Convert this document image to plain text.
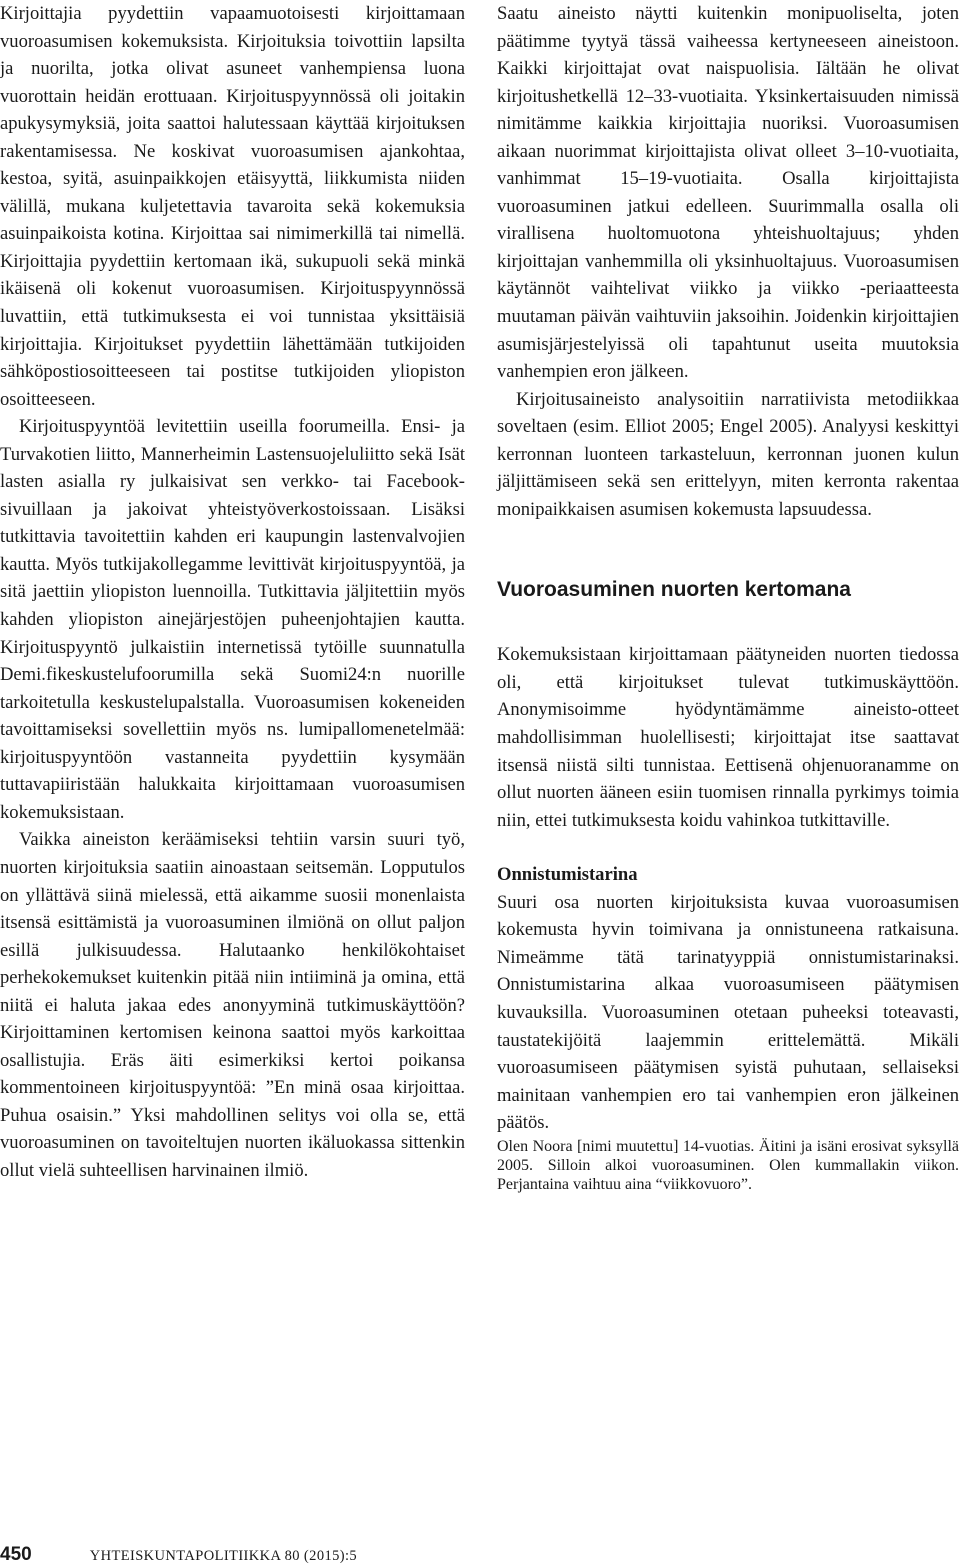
Kirjoittajia pyydettiin vapaamuotoisesti kirjoittamaan vuoroasumisen kokemuksista. Kirjoituksia toivottiin lapsilta ja nuorilta, jotka olivat asuneet vanhempiensa luona vuorottain heidän erottuaan. Kirjoituspyynnössä oli joitakin apukysymyksiä, joita saattoi halutessaan käyttää kirjoituksen rakentamisessa. Ne koskivat vuoroasumisen ajankohtaa, kestoa, syitä, asuinpaikkojen etäisyyttä, liikkumista niiden välillä, mukana kuljetettavia tavaroita sekä kokemuksia asuinpaikoista kotina. Kirjoittaa sai nimimerkillä tai nimellä. Kirjoittajia pyydettiin kertomaan ikä, sukupuoli sekä minkä ikäisenä oli kokenut vuoroasumisen. Kirjoituspyynnössä luvattiin, että tutkimuksesta ei voi tunnistaa yksittäisiä kirjoittajia. Kirjoitukset pyydettiin lähettämään tutkijoiden sähköpostiosoitteeseen tai postitse tutkijoiden yliopiston osoitteeseen.

Kirjoituspyyntöä levitettiin useilla foorumeilla. Ensi- ja Turvakotien liitto, Mannerheimin Lastensuojeluliitto sekä Isät lasten asialla ry julkaisivat sen verkko- tai Facebook-sivuillaan ja jakoivat yhteistyöverkostoissaan. Lisäksi tutkittavia tavoitettiin kahden eri kaupungin lastenvalvojien kautta. Myös tutkijakollegamme levittivät kirjoituspyyntöä, ja sitä jaettiin yliopiston luennoilla. Tutkittavia jäljitettiin myös kahden yliopiston ainejärjestöjen puheenjohtajien kautta. Kirjoituspyyntö julkaistiin internetissä tytöille suunnatulla Demi.fikeskustelufoorumilla sekä Suomi24:n nuorille tarkoitetulla keskustelupalstalla. Vuoroasumisen kokeneiden tavoittamiseksi sovellettiin myös ns. lumipallomenetelmää: kirjoituspyyntöön vastanneita pyydettiin kysymään tuttavapiiristään halukkaita kirjoittamaan vuoroasumisen kokemuksistaan.

Vaikka aineiston keräämiseksi tehtiin varsin suuri työ, nuorten kirjoituksia saatiin ainoastaan seitsemän. Lopputulos on yllättävä siinä mielessä, että aikamme suosii monenlaista itsensä esittämistä ja vuoroasuminen ilmiönä on ollut paljon esillä julkisuudessa. Halutaanko henkilökohtaiset perhekokemukset kuitenkin pitää niin intiiminä ja omina, että niitä ei haluta jakaa edes anonyyminä tutkimuskäyttöön? Kirjoittaminen kertomisen keinona saattoi myös karkoittaa osallistujia. Eräs äiti esimerkiksi kertoi poikansa kommentoineen kirjoituspyyntöä: ”En minä osaa kirjoittaa. Puhua osaisin.” Yksi mahdollinen selitys voi olla se, että vuoroasuminen on tavoiteltujen nuorten ikäluokassa sittenkin ollut vielä suhteellisen harvinainen ilmiö.

Saatu aineisto näytti kuitenkin monipuoliselta, joten päätimme tyytyä tässä vaiheessa kertyneeseen aineistoon. Kaikki kirjoittajat ovat naispuolisia. Iältään he olivat kirjoitushetkellä 12–33-vuotiaita. Yksinkertaisuuden nimissä nimitämme kaikkia kirjoittajia nuoriksi. Vuoroasumisen aikaan nuorimmat kirjoittajista olivat olleet 3–10-vuotiaita, vanhimmat 15–19-vuotiaita. Osalla kirjoittajista vuoroasuminen jatkui edelleen. Suurimmalla osalla oli virallisena huoltomuotona yhteishuoltajuus; yhden kirjoittajan vanhemmilla oli yksinhuoltajuus. Vuoroasumisen käytännöt vaihtelivat viikko ja viikko -periaatteesta muutaman päivän vaihtuviin jaksoihin. Joidenkin kirjoittajien asumisjärjestelyissä oli tapahtunut useita muutoksia vanhempien eron jälkeen.

Kirjoitusaineisto analysoitiin narratiivista metodiikkaa soveltaen (esim. Elliot 2005; Engel 2005). Analyysi keskittyi kerronnan luonteen tarkasteluun, kerronnan juonen kulun jäljittämiseen sekä sen erittelyyn, miten kerronta rakentaa monipaikkaisen asumisen kokemusta lapsuudessa.

Vuoroasuminen nuorten kertomana

Kokemuksistaan kirjoittamaan päätyneiden nuorten tiedossa oli, että kirjoitukset tulevat tutkimuskäyttöön. Anonymisoimme hyödyntämämme aineisto-otteet mahdollisimman huolellisesti; kirjoittajat itse saattavat itsensä niistä silti tunnistaa. Eettisenä ohjenuoranamme on ollut nuorten ääneen esiin tuomisen rinnalla pyrkimys toimia niin, ettei tutkimuksesta koidu vahinkoa tutkittaville.

Onnistumistarina

Suuri osa nuorten kirjoituksista kuvaa vuoroasumisen kokemusta hyvin toimivana ja onnistuneena ratkaisuna. Nimeämme tätä tarinatyyppiä onnistumistarinaksi. Onnistumistarina alkaa vuoroasumiseen päätymisen kuvauksilla. Vuoroasuminen otetaan puheeksi toteavasti, taustatekijöitä laajemmin erittelemättä. Mikäli vuoroasumiseen päätymisen syistä puhutaan, sellaiseksi mainitaan vanhempien ero tai vanhempien eron jälkeinen päätös.

Olen Noora [nimi muutettu] 14-vuotias. Äitini ja isäni erosivat syksyllä 2005. Silloin alkoi vuoroasuminen. Olen kummallakin viikon. Perjantaina vaihtuu aina “viikkovuoro”.

450	YHTEISKUNTAPOLITIIKKA 80 (2015):5
